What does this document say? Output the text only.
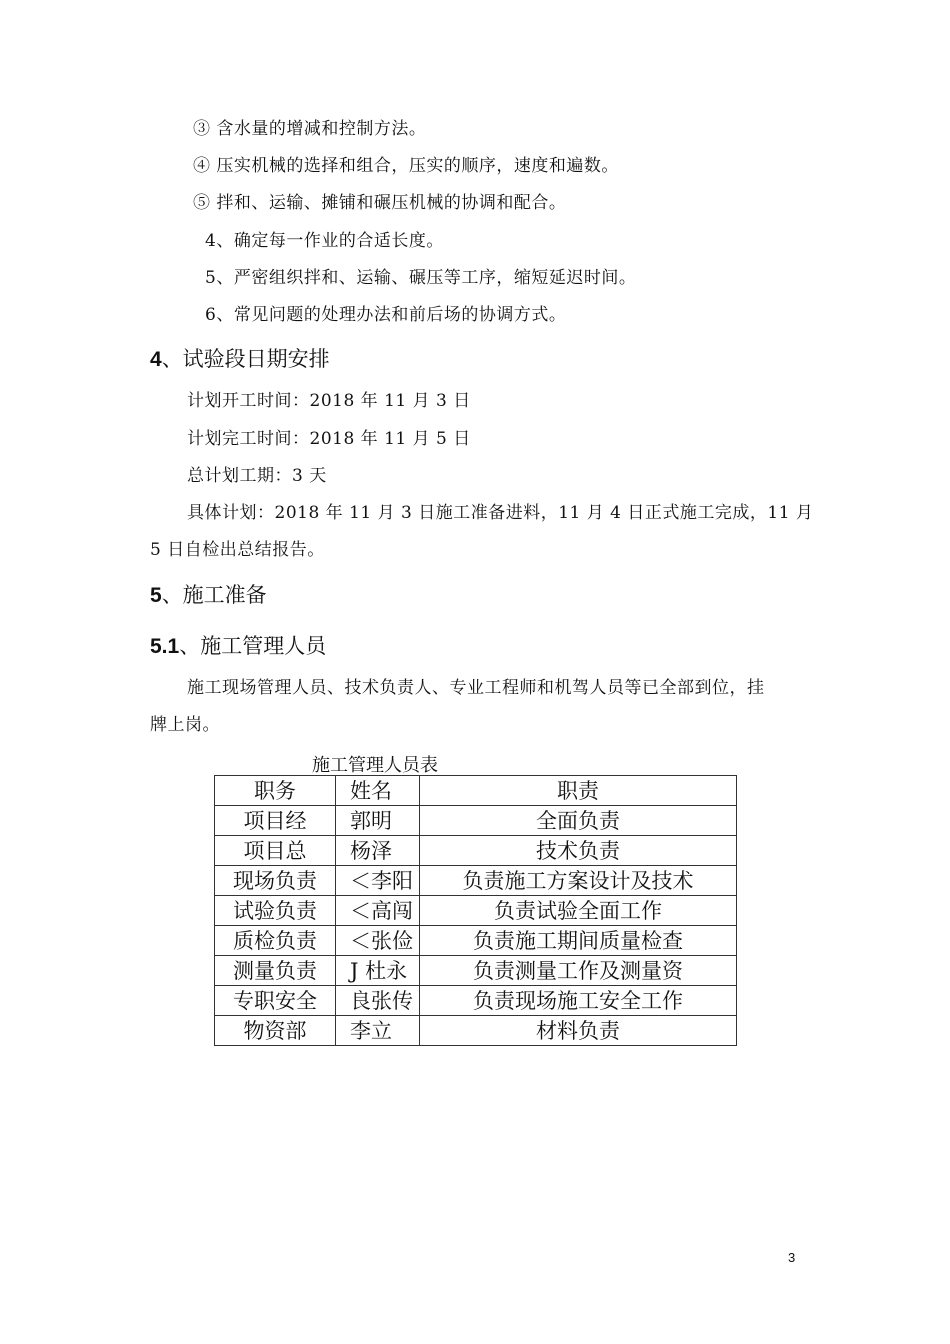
③ 含水量的增减和控制方法。
④ 压实机械的选择和组合，压实的顺序，速度和遍数。
⑤ 拌和、运输、摊铺和碾压机械的协调和配合。
4、确定每一作业的合适长度。
5、严密组织拌和、运输、碾压等工序，缩短延迟时间。
6、常见问题的处理办法和前后场的协调方式。
4、试验段日期安排
计划开工时间：2018 年 11 月 3 日
计划完工时间：2018 年 11 月 5 日
总计划工期：3 天
具体计划：2018 年 11 月 3 日施工准备进料，11 月 4 日正式施工完成，11 月
5 日自检出总结报告。
5、施工准备
5.1、施工管理人员
施工现场管理人员、技术负责人、专业工程师和机驾人员等已全部到位，挂
牌上岗。
施工管理人员表
职务	姓名	职责
项目经	郭明	全面负责
项目总	杨泽	技术负责
现场负责	＜李阳	负责施工方案设计及技术
试验负责	＜高闯	负责试验全面工作
质检负责	＜张俭	负责施工期间质量检查
测量负责	J 杜永	负责测量工作及测量资
专职安全	良张传	负责现场施工安全工作
物资部	李立	材料负责
3
